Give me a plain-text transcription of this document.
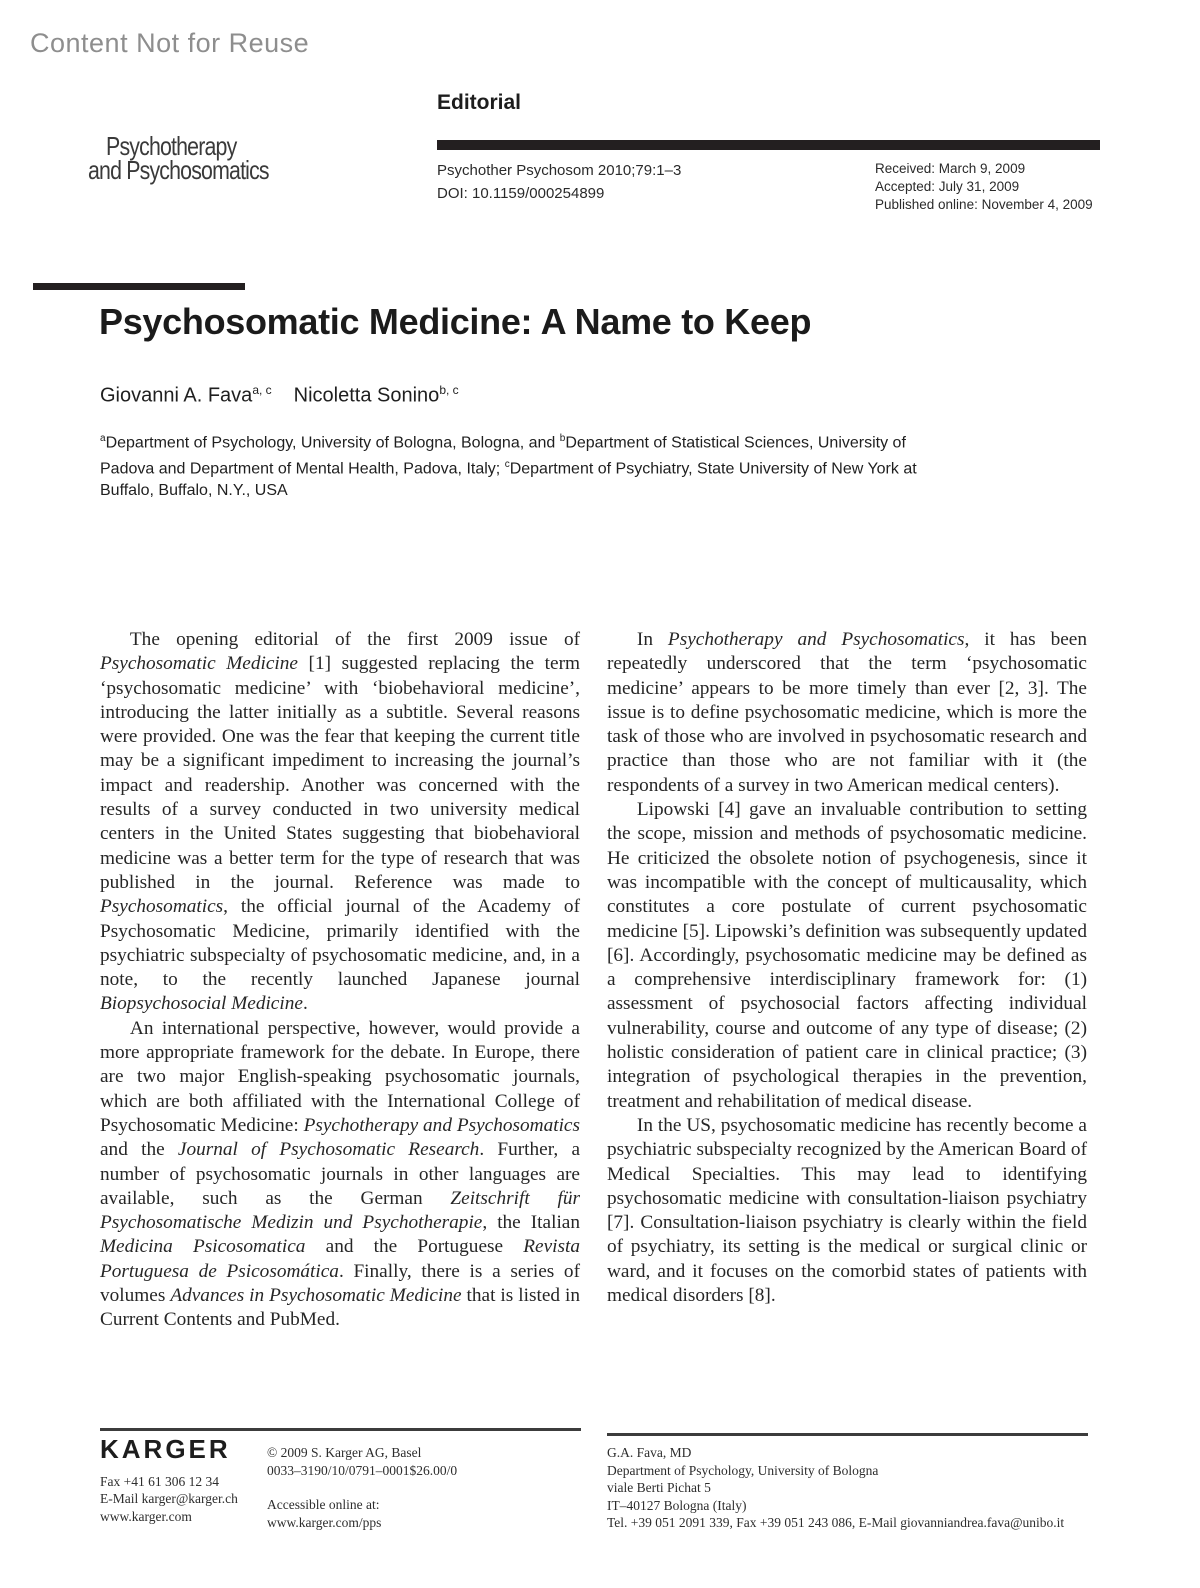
Content Not for Reuse
Psychotherapy
and Psychosomatics
Editorial
Psychother Psychosom 2010;79:1–3
DOI: 10.1159/000254899
Received: March 9, 2009
Accepted: July 31, 2009
Published online: November 4, 2009
Psychosomatic Medicine: A Name to Keep
Giovanni A. Fava$^{a, c}$ Nicoletta Sonino$^{b, c}$
$^a$Department of Psychology, University of Bologna, Bologna, and $^b$Department of Statistical Sciences, University of Padova and Department of Mental Health, Padova, Italy; $^c$Department of Psychiatry, State University of New York at Buffalo, Buffalo, N.Y., USA

The opening editorial of the first 2009 issue of Psychosomatic Medicine [1] suggested replacing the term ‘psychosomatic medicine’ with ‘biobehavioral medicine’, introducing the latter initially as a subtitle. Several reasons were provided. One was the fear that keeping the current title may be a significant impediment to increasing the journal’s impact and readership. Another was concerned with the results of a survey conducted in two university medical centers in the United States suggesting that biobehavioral medicine was a better term for the type of research that was published in the journal. Reference was made to Psychosomatics, the official journal of the Academy of Psychosomatic Medicine, primarily identified with the psychiatric subspecialty of psychosomatic medicine, and, in a note, to the recently launched Japanese journal Biopsychosocial Medicine.

An international perspective, however, would provide a more appropriate framework for the debate. In Europe, there are two major English-speaking psychosomatic journals, which are both affiliated with the International College of Psychosomatic Medicine: Psychotherapy and Psychosomatics and the Journal of Psychosomatic Research. Further, a number of psychosomatic journals in other languages are available, such as the German Zeitschrift für Psychosomatische Medizin und Psychotherapie, the Italian Medicina Psicosomatica and the Portuguese Revista Portuguesa de Psicosomática. Finally, there is a series of volumes Advances in Psychosomatic Medicine that is listed in Current Contents and PubMed.

In Psychotherapy and Psychosomatics, it has been repeatedly underscored that the term ‘psychosomatic medicine’ appears to be more timely than ever [2, 3]. The issue is to define psychosomatic medicine, which is more the task of those who are involved in psychosomatic research and practice than those who are not familiar with it (the respondents of a survey in two American medical centers).

Lipowski [4] gave an invaluable contribution to setting the scope, mission and methods of psychosomatic medicine. He criticized the obsolete notion of psychogenesis, since it was incompatible with the concept of multicausality, which constitutes a core postulate of current psychosomatic medicine [5]. Lipowski’s definition was subsequently updated [6]. Accordingly, psychosomatic medicine may be defined as a comprehensive interdisciplinary framework for: (1) assessment of psychosocial factors affecting individual vulnerability, course and outcome of any type of disease; (2) holistic consideration of patient care in clinical practice; (3) integration of psychological therapies in the prevention, treatment and rehabilitation of medical disease.

In the US, psychosomatic medicine has recently become a psychiatric subspecialty recognized by the American Board of Medical Specialties. This may lead to identifying psychosomatic medicine with consultation-liaison psychiatry [7]. Consultation-liaison psychiatry is clearly within the field of psychiatry, its setting is the medical or surgical clinic or ward, and it focuses on the comorbid states of patients with medical disorders [8].

KARGER
Fax +41 61 306 12 34
E-Mail karger@karger.ch
www.karger.com
© 2009 S. Karger AG, Basel
0033–3190/10/0791–0001$26.00/0
Accessible online at:
www.karger.com/pps
G.A. Fava, MD
Department of Psychology, University of Bologna
viale Berti Pichat 5
IT–40127 Bologna (Italy)
Tel. +39 051 2091 339, Fax +39 051 243 086, E-Mail giovanniandrea.fava@unibo.it
